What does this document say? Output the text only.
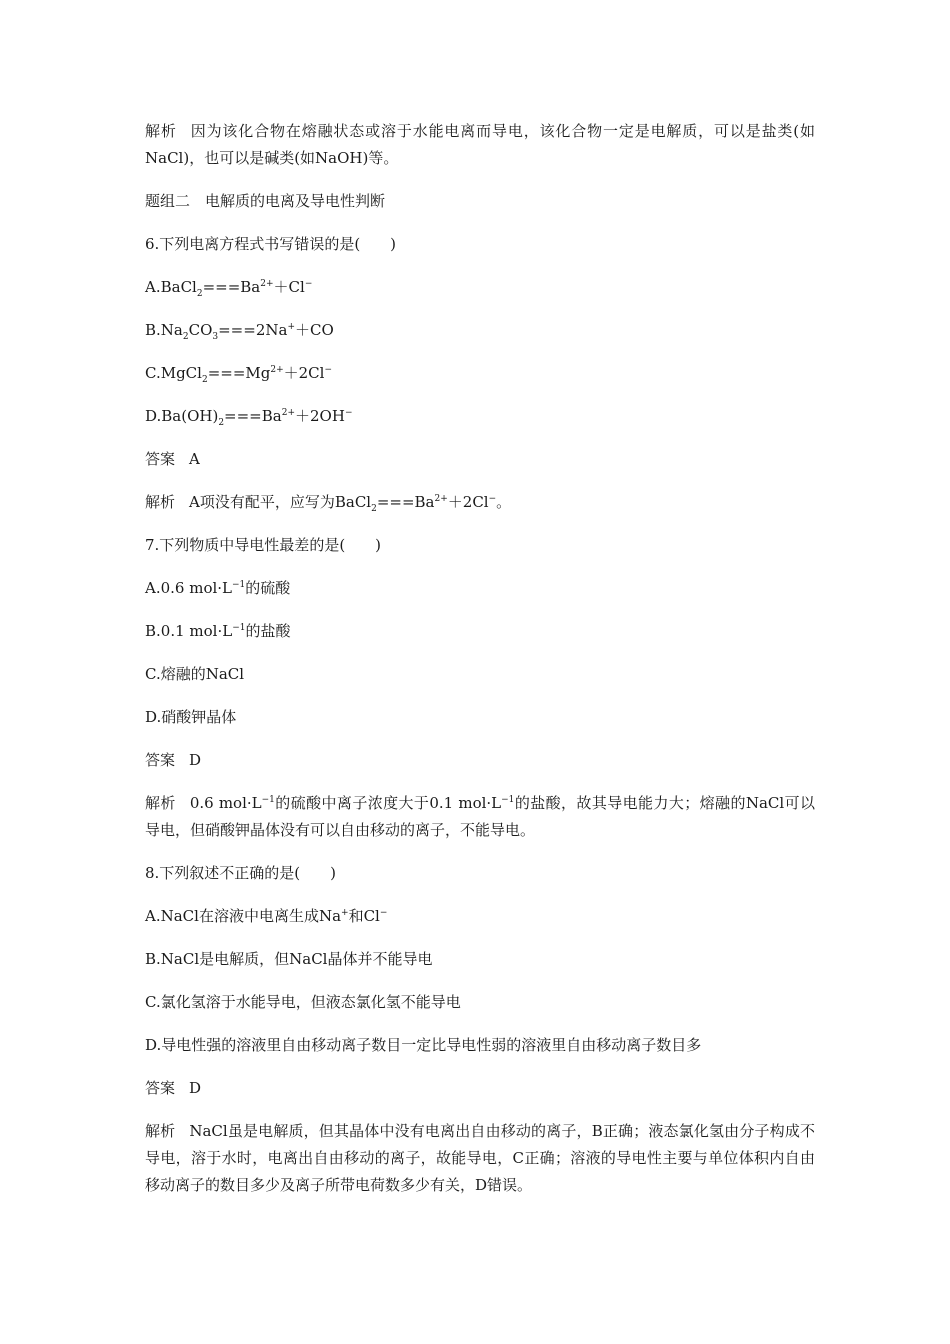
解析 因为该化合物在熔融状态或溶于水能电离而导电，该化合物一定是电解质，可以是盐类(如NaCl)，也可以是碱类(如NaOH)等。

题组二　电解质的电离及导电性判断

6.下列电离方程式书写错误的是(　　)

$A.BaCl_2===Ba^{2+}+Cl^-$

$B.Na_2CO_3===2Na^++CO$

$C.MgCl_2===Mg^{2+}+2Cl^-$

$D.Ba(OH)_2===Ba^{2+}+2OH^-$

答案 A

解析 A项没有配平，应写为$BaCl_2===Ba^{2+}+2Cl^-$。

7.下列物质中导电性最差的是(　　)

A.0.6 $mol\cdot L^{-1}$的硫酸

B.0.1 $mol\cdot L^{-1}$的盐酸

C.熔融的NaCl

D.硝酸钾晶体

答案 D

解析 0.6 $mol\cdot L^{-1}$的硫酸中离子浓度大于0.1 $mol\cdot L^{-1}$的盐酸，故其导电能力大；熔融的NaCl可以导电，但硝酸钾晶体没有可以自由移动的离子，不能导电。

8.下列叙述不正确的是(　　)

A.NaCl在溶液中电离生成Na+和Cl−

B.NaCl是电解质，但NaCl晶体并不能导电

C.氯化氢溶于水能导电，但液态氯化氢不能导电

D.导电性强的溶液里自由移动离子数目一定比导电性弱的溶液里自由移动离子数目多

答案 D

解析 NaCl虽是电解质，但其晶体中没有电离出自由移动的离子，B正确；液态氯化氢由分子构成不导电，溶于水时，电离出自由移动的离子，故能导电，C正确；溶液的导电性主要与单位体积内自由移动离子的数目多少及离子所带电荷数多少有关，D错误。
